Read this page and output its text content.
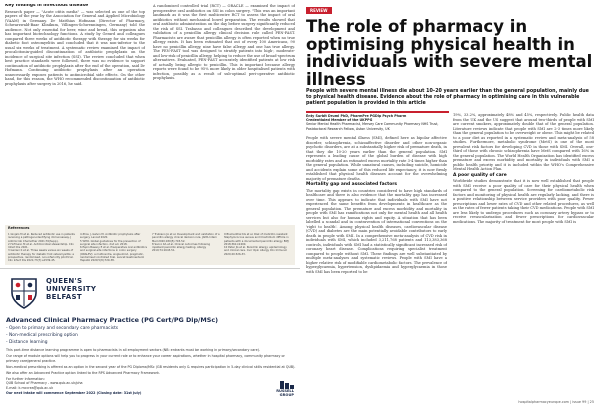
Key findings in infectious disease
Research paper — "Acute otitis media" — was selected as one of the top papers of the year by the Association for General and Applied Microbiology (VAAM) in Germany. Dr Matthias Hofmann (Director of Pharmacy, Schwarzwald-Baar Klinikum, Villingen-Schwenningen, Germany) told the audience. Not only essential for beer, wine and bread, this organism also has important biotechnology functions. A study by Gerard and colleagues compared three weeks of antibiotic therapy with therapy for six weeks for diabetic foot osteomyelitis and concluded that it was non-inferior to the usual six weeks of treatment. A systematic review examined the impact of procalcitonin-guided discontinuation of antibiotic prophylaxis on the incidence of surgical site infection (SSI). The review concluded that when best practice standards were followed, there was no evidence to support continuation of antibiotic prophylaxis after the end of the operation, said Dr Hofmann. Continuing antibiotic prophylaxis after an operation unnecessarily exposes patients to antimicrobial side effects. On the other hand, for this reason, the WHO recommended discontinuation of antibiotic prophylaxis after surgery in 2016, he said.
A randomised controlled trial (RCT) — ORACLE — examined the impact of preoperative oral antibiotics on SSI in colon surgery. "This was an important landmark as it was the first multicentre RCT to assess the impact of oral antibiotics without mechanical bowel preparation. The results showed that oral antibiotic administration on the day before surgery significantly reduced the risk of SSI. Trabasso and colleagues described the development and validation of a penicillin allergy clinical decision rule called PEN-FAST. Pharmacists are aware that penicillin allergy is often reported when no true allergy exists. It has been estimated that out of every 100 Americans, 90 have no penicillin allergy, nine have false allergy and one has true allergy. The PEN-FAST tool was designed to stratify patients into high-, moderate- and low-risk of penicillin allergy, helping to reduce the use of broad-spectrum alternatives. Evaluated, PEN-FAST accurately identified patients at low risk of actually being allergic to penicillin. This is important because allergy reports were found to be 95% more likely in older hospitalised patients with infection, possibly as a result of sub-optimal peri-operative antibiotic prophylaxis.
References
1 Ginjalo M et al. Reduced antibiotic use in patients receiving a pathogen-identifying immunoassay. J Antimicrob Chemother 2021;76(Supp).
2 Hofmann M et al. Antimicrobial stewardship. Clin Infect Dis 2021.
3 Gariani K et al. Three weeks versus six weeks of antibiotic therapy for diabetic foot osteomyelitis: a prospective, randomised, non-inferiority pilot trial. Clin Infect Dis 2021;73(7):e1539-45.
4 Zhou J, Galvin M. Antibiotic prophylaxis after surgery. Lancet 2020.
5 WHO. Global guidelines for the prevention of surgical site infection. 2nd ed. 2018.
6 Espin Basany E et al. Preoperative oral antibiotics and surgical-site infections in colon surgery (ORALEV): a multicentre, single-blind, pragmatic, randomised controlled trial. Lancet Gastroenterol Hepatol 2020;5(8):729-38.
7 Trubiano JA et al. Development and validation of a penicillin allergy clinical decision rule. JAMA Intern Med 2020;180(5):745-52.
8 Sacco KA et al. Clinical outcomes following inpatient penicillin allergy testing. Allergy 2019;74:1643-51.
9 Blumenthal KG et al. Risk of meticillin resistant Staphylococcus aureus and Clostridium difficile in patients with a documented penicillin allergy. BMJ 2018;361:k2400.
10 Peter JG et al. Penicillin allergy: epidemiology and clinical care. Curr Opin Allergy Clin Immunol 2020;20:326-33.
QUEEN'S
UNIVERSITY
BELFAST
Advanced Clinical Pharmacy Practice (PG Cert/PG Dip/MSc)
- Open to primary and secondary care pharmacists
- Non-medical prescribing option
- Distance learning

This part-time distance learning programme is open to pharmacists in all employment sectors (NB: entrants must be working in primary/secondary care).

Our range of module options will help you to progress in your current role or to enhance your career aspirations, whether in hospital pharmacy, community pharmacy or primary care/general practice.

Non-medical prescribing is offered as an option in the second year of the PG Diploma/MSc (GB residents only & requires participation in 5-day clinical skills residential at QUB).

We also offer an Advanced Practice option linked to the RPS Advanced Pharmacy Framework.

For further information:

QUB School of Pharmacy - www.qub.ac.uk/pha

E-mail: k.mccrea@qub.ac.uk

Our next intake will commence September 2022 (Closing date: 31st July)

RUSSELL
GROUP
REVIEW
The role of pharmacy in optimising physical health in individuals with severe mental illness
People with severe mental illness die about 10–20 years earlier than the general population, mainly due to physical health disease. Evidence about the role of pharmacy in optimising care in this vulnerable patient population is provided in this article
Enty Surbit Drumi PhD, PharmPre PGDip Psych Pharm
Credentialed Member of the UKPPG
Senior Mental Health Pharmacist, Mersey Care Community Pharmacy NHS Trust, Postdoctoral Research Fellow, Aston University, UK
People with severe mental illness (SMI), defined here as bipolar affective disorder, schizophrenia, schizoaffective disorder and other non-organic psychotic disorders, are at a substantially higher risk of premature death, in that they die 10-20 years earlier than the general population. SMI represents a leading cause of the global burden of disease with high morbidity rates and an estimated excess mortality rate 3-4 times higher than the general population. While unnatural causes, including suicide, homicide and accidents explain some of this reduced life expectancy, it is now firmly established that physical health diseases account for the overwhelming majority of premature deaths.
Mortality gap and associated factors
The mortality gap exists in countries considered to have high standards of healthcare and there is also evidence that the mortality gap has increased over time. This appears to indicate that individuals with SMI have not experienced the same benefits from developments in healthcare as the general population. The premature and excess morbidity and mortality in people with SMI has ramifications not only for mental health and all health services but also for human rights and equity. A situation that has been labelled a scandal and in contravention of international conventions on the 'right to health'. Among physical health diseases, cardiovascular disease (CVD) and diabetes are the main potentially avoidable contributors to early death in people with SMI. In a comprehensive meta-analysis of CVD risk in individuals with SMI, which included 3,211,768 patients and 113,383,368 controls, individuals with SMI had a statistically significant increased risk of coronary heart disease. Complications requiring specialist treatment compared to people without SMI. These findings are well substantiated by multiple meta-analyses and systematic reviews. People with SMI have a higher relative risk of modifiable cardiometabolic factors. The prevalence of hyperglycaemia, hypertension, dyslipidaemia and hyperglycaemia in those with SMI has been reported to be
19%, 33.2%, approximately 48% and 45%, respectively. Public health data from the UK and the US suggest that around two-thirds of people with SMI are current smokers, approximately double that of the general population. Literature reviews indicate that people with SMI are 2-3 times more likely than the general population to be overweight or obese. This might be related to a poor diet as reported in a systematic review and meta-analysis of 58 studies. Furthermore, metabolic syndrome (MetS) is one of the most prevalent risk factors for developing CVD in those with SMI. Overall, one-third of those with chronic schizophrenia have MetS compared with 16% in the general population. The World Health Organization has identified excess premature and excess morbidity and mortality in individuals with SMI a public health priority and it is included within the WHO's Comprehensive Mental Health Action Plan.
A poor quality of care
Worldwide studies demonstrate that it is now well established that people with SMI receive a poor quality of care for their physical health when compared to the general population. Screening for cardiometabolic risk factors and monitoring of physical health are regularly lacking, and there is a positive relationship between service providers with poor quality. Fewer prescriptions and lower rates of CVD and other related procedures, as well as the rates of fewer patients taking their CVD medications. People with SMI are less likely to undergo procedures such as coronary artery bypass or to receive revascularisation and fewer prescriptions for cardiovascular medications. The majority of treatment for most people with SMI is
hospitalpharmacyeurope.com | issue 99 | 25
